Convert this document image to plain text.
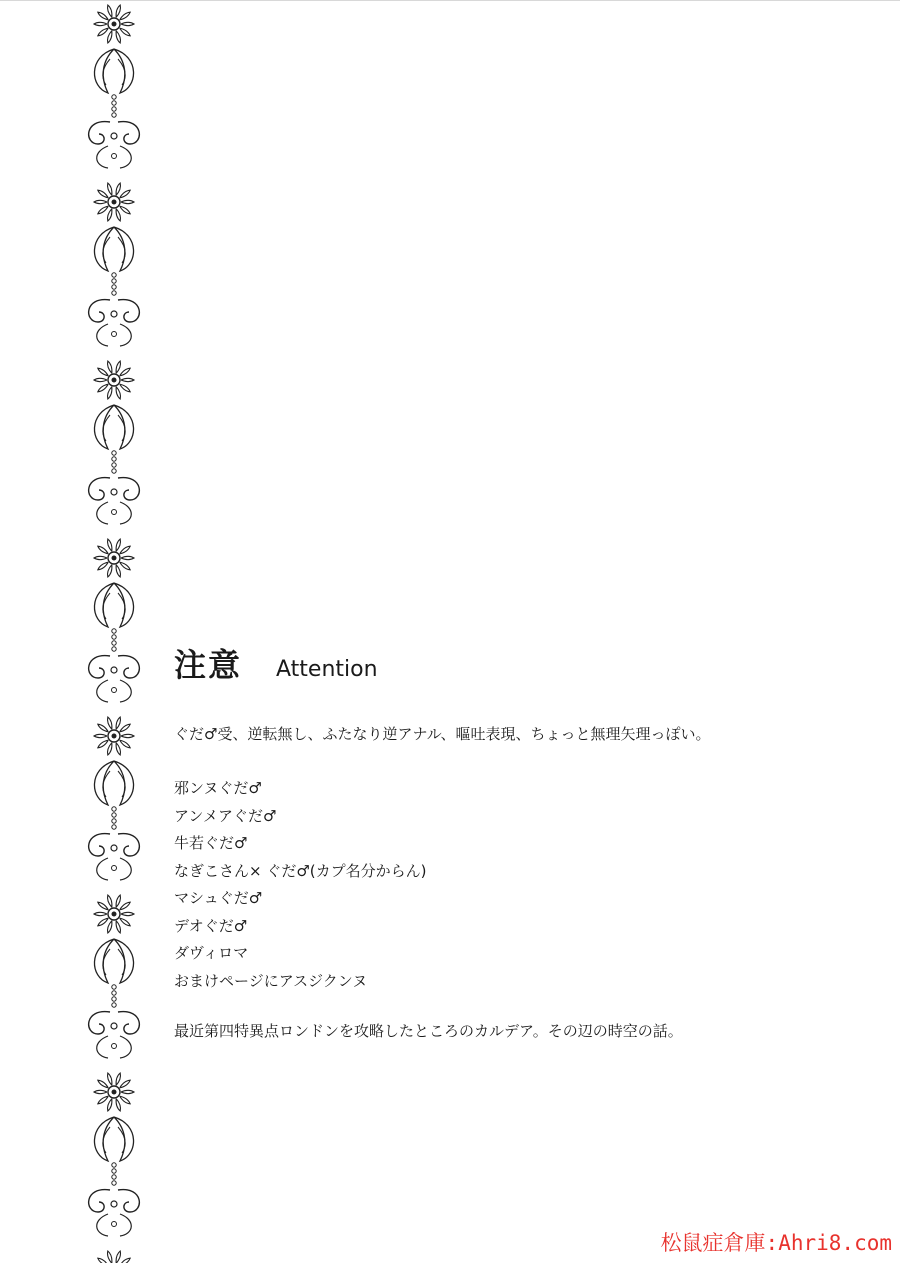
注意 Attention
ぐだ♂受、逆転無し、ふたなり逆アナル、嘔吐表現、ちょっと無理矢理っぽい。
邪ンヌぐだ♂
アンメアぐだ♂
牛若ぐだ♂
なぎこさん× ぐだ♂(カプ名分からん)
マシュぐだ♂
デオぐだ♂
ダヴィロマ
おまけページにアスジクンヌ
最近第四特異点ロンドンを攻略したところのカルデア。その辺の時空の話。
松鼠症倉庫:Ahri8.com
